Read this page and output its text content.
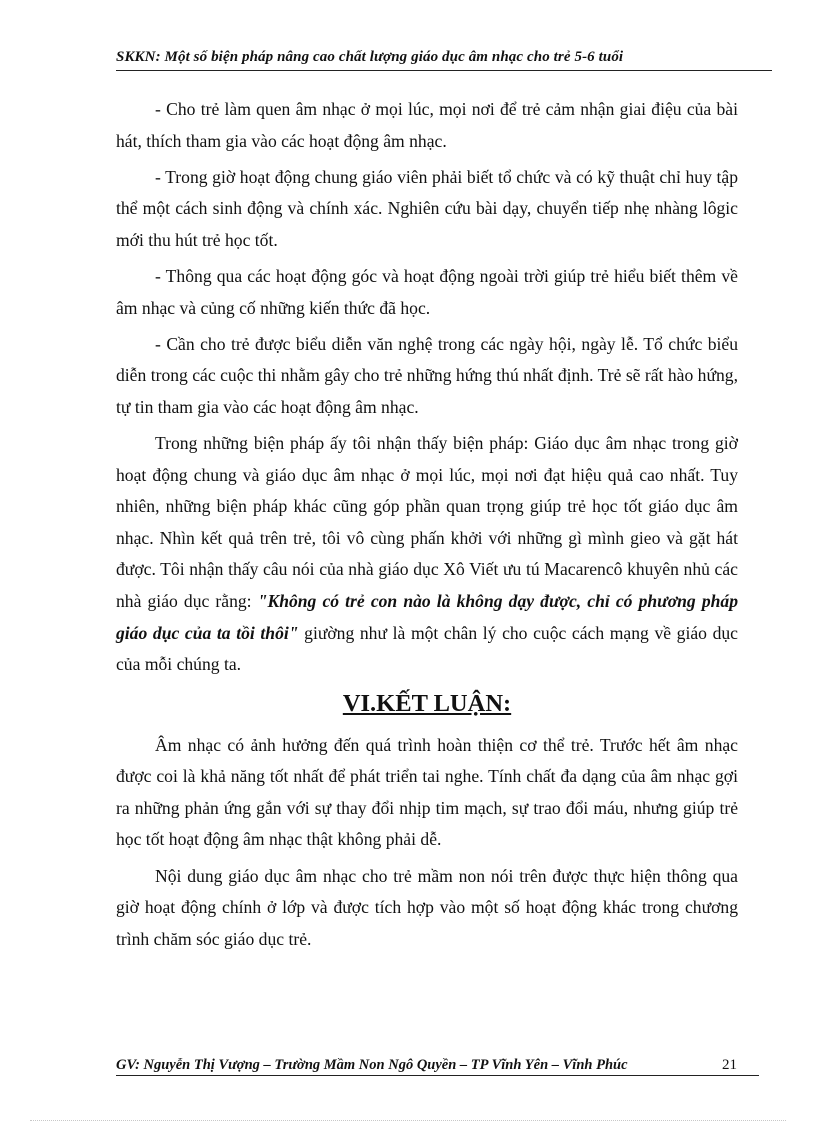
SKKN: Một số biện pháp nâng cao chất lượng giáo dục âm nhạc cho trẻ 5-6 tuổi

- Cho trẻ làm quen âm nhạc ở mọi lúc, mọi nơi để trẻ cảm nhận giai điệu của bài hát, thích tham gia vào các hoạt động âm nhạc.

- Trong giờ hoạt động chung giáo viên phải biết tổ chức và có kỹ thuật chỉ huy tập thể một cách sinh động và chính xác. Nghiên cứu bài dạy, chuyển tiếp nhẹ nhàng lôgic mới thu hút trẻ học tốt.

- Thông qua các hoạt động góc và hoạt động ngoài trời giúp trẻ hiểu biết thêm về âm nhạc và củng cố những kiến thức đã học.

- Cần cho trẻ được biểu diễn văn nghệ trong các ngày hội, ngày lễ. Tổ chức biểu diễn trong các cuộc thi nhằm gây cho trẻ những hứng thú nhất định. Trẻ sẽ rất hào hứng, tự tin tham gia vào các hoạt động âm nhạc.

Trong những biện pháp ấy tôi nhận thấy biện pháp: Giáo dục âm nhạc trong giờ hoạt động chung và giáo dục âm nhạc ở mọi lúc, mọi nơi đạt hiệu quả cao nhất. Tuy nhiên, những biện pháp khác cũng góp phần quan trọng giúp trẻ học tốt giáo dục âm nhạc. Nhìn kết quả trên trẻ, tôi vô cùng phấn khởi với những gì mình gieo và gặt hát được. Tôi nhận thấy câu nói của nhà giáo dục Xô Viết ưu tú Macarencô khuyên nhủ các nhà giáo dục rằng: "Không có trẻ con nào là không dạy được, chỉ có phương pháp giáo dục của ta tồi thôi" giường như là một chân lý cho cuộc cách mạng về giáo dục của mỗi chúng ta.

VI.KẾT LUẬN:

Âm nhạc có ảnh hưởng đến quá trình hoàn thiện cơ thể trẻ. Trước hết âm nhạc được coi là khả năng tốt nhất để phát triển tai nghe. Tính chất đa dạng của âm nhạc gợi ra những phản ứng gắn với sự thay đổi nhịp tim mạch, sự trao đổi máu, nhưng giúp trẻ học tốt hoạt động âm nhạc thật không phải dễ.

Nội dung giáo dục âm nhạc cho trẻ mầm non nói trên được thực hiện thông qua giờ hoạt động chính ở lớp và được tích hợp vào một số hoạt động khác trong chương trình chăm sóc giáo dục trẻ.

GV: Nguyễn Thị Vượng – Trường Mầm Non Ngô Quyền – TP Vĩnh Yên – Vĩnh Phúc	21
